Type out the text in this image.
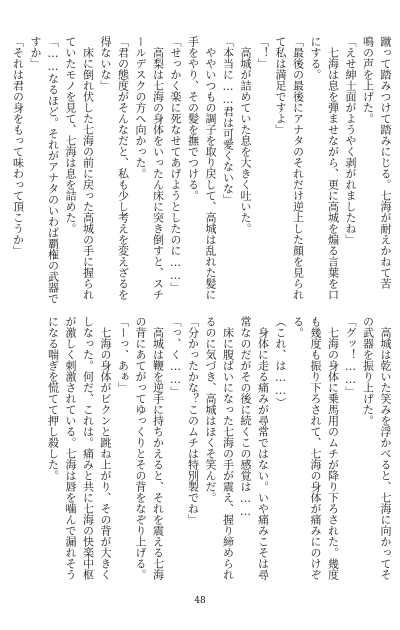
蹴って踏みつけて踏みにじる。七海が耐えかねて苦
鳴の声を上げた。
「えせ紳士面がようやく剥がれましたね」
七海は息を弾ませながら、更に高城を煽る言葉を口
にする。
「最後の最後にアナタのそれだけ逆上した顔を見られ
て私は満足ですよ」
「！」
高城が詰めていた息を大きく吐いた。
「本当に……君は可愛くないな」
ややいつもの調子を取り戻して、高城は乱れた髪に
手をやり、その髪を撫でつける。
「せっかく楽に死なせてあげようとしたのに……」
高梨は七海の身体をいったん床に突き倒すと、スチ
ールデスクの方へ向かった。
「君の態度がそんなだと、私も少し考えを変えざるを
得ないな」
床に倒れ伏した七海の前に戻った高城の手に握られ
ていたモノを見て、七海は息を詰めた。
「……なるほど。それがアナタのいわば覇権の武器で
すか」
「それは君の身をもって味わって頂こうか」
高城は乾いた笑みを浮かべると、七海に向かってそ
の武器を振り上げた。
「グッ！……」
七海の身体に乗馬用のムチが降り下ろされた。幾度
も幾度も振り下ろされて、七海の身体が痛みにのけぞ
る。
（これ、は……）
身体に走る痛みが尋常ではない。いや痛みこそは尋
常なのだがその後に続くこの感覚は……
床に腹ばいになった七海の手が震え、握り締められ
るのに気づき、高城はほくそ笑んだ。
「分かったかな？このムチは特別製でね」
「っ、く……」
高城は鞭を逆手に持ちかえると、それを震える七海
の背にあてがってゆっくりとその背をなぞり上げる。
「ーっ、あぁ」
七海の身体がビクンと跳ね上がり、その背が大きく
しなった。何だ、これは。痛みと共に七海の快楽中枢
が激しく刺激されている。七海は唇を噛んで漏れそう
になる喘ぎを慌てて押し殺した。
48
